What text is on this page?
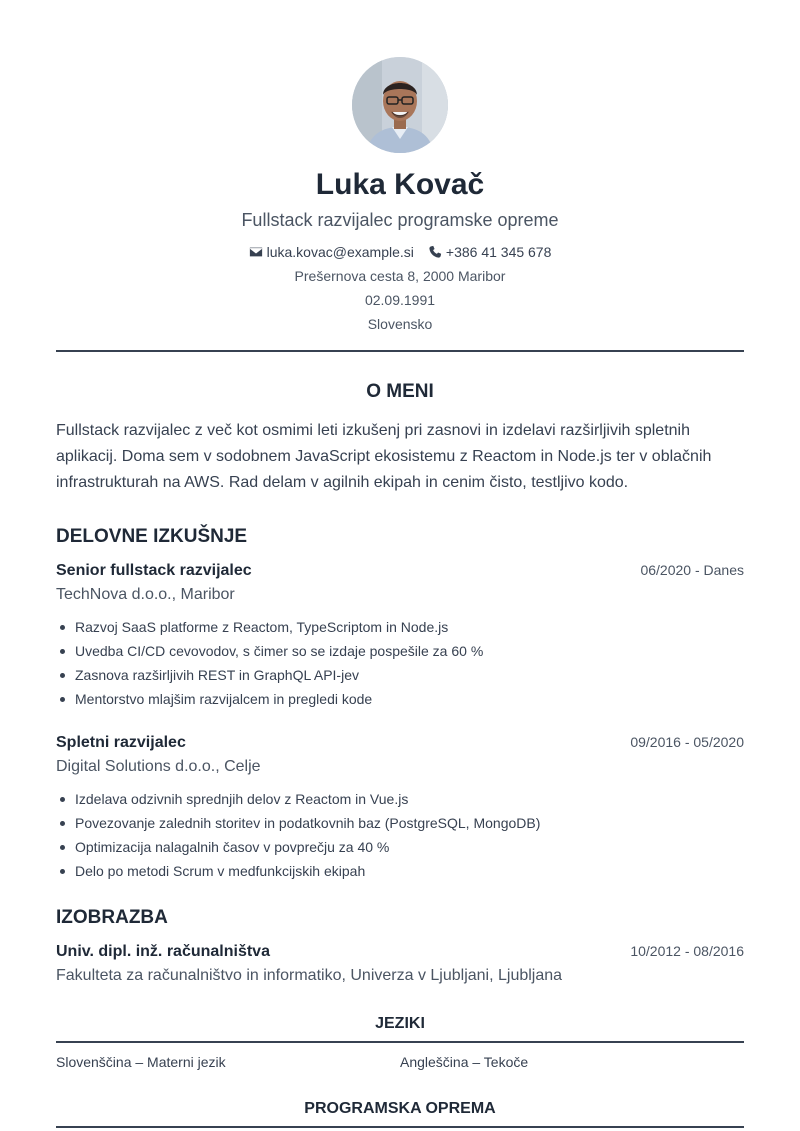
Luka Kovač
Fullstack razvijalec programske opreme
luka.kovac@example.si +386 41 345 678
Prešernova cesta 8, 2000 Maribor
02.09.1991
Slovensko
O MENI

Fullstack razvijalec z več kot osmimi leti izkušenj pri zasnovi in izdelavi razširljivih spletnih aplikacij. Doma sem v sodobnem JavaScript ekosistemu z Reactom in Node.js ter v oblačnih infrastrukturah na AWS. Rad delam v agilnih ekipah in cenim čisto, testljivo kodo.

DELOVNE IZKUŠNJE
Senior fullstack razvijalec	06/2020 - Danes
TechNova d.o.o., Maribor
Razvoj SaaS platforme z Reactom, TypeScriptom in Node.js
Uvedba CI/CD cevovodov, s čimer so se izdaje pospešile za 60 %
Zasnova razširljivih REST in GraphQL API-jev
Mentorstvo mlajšim razvijalcem in pregledi kode
Spletni razvijalec	09/2016 - 05/2020
Digital Solutions d.o.o., Celje
Izdelava odzivnih sprednjih delov z Reactom in Vue.js
Povezovanje zalednih storitev in podatkovnih baz (PostgreSQL, MongoDB)
Optimizacija nalagalnih časov v povprečju za 40 %
Delo po metodi Scrum v medfunkcijskih ekipah
IZOBRAZBA
Univ. dipl. inž. računalništva	10/2012 - 08/2016
Fakulteta za računalništvo in informatiko, Univerza v Ljubljani, Ljubljana
JEZIKI
Slovenščina – Materni jezik	Angleščina – Tekoče
PROGRAMSKA OPREMA
